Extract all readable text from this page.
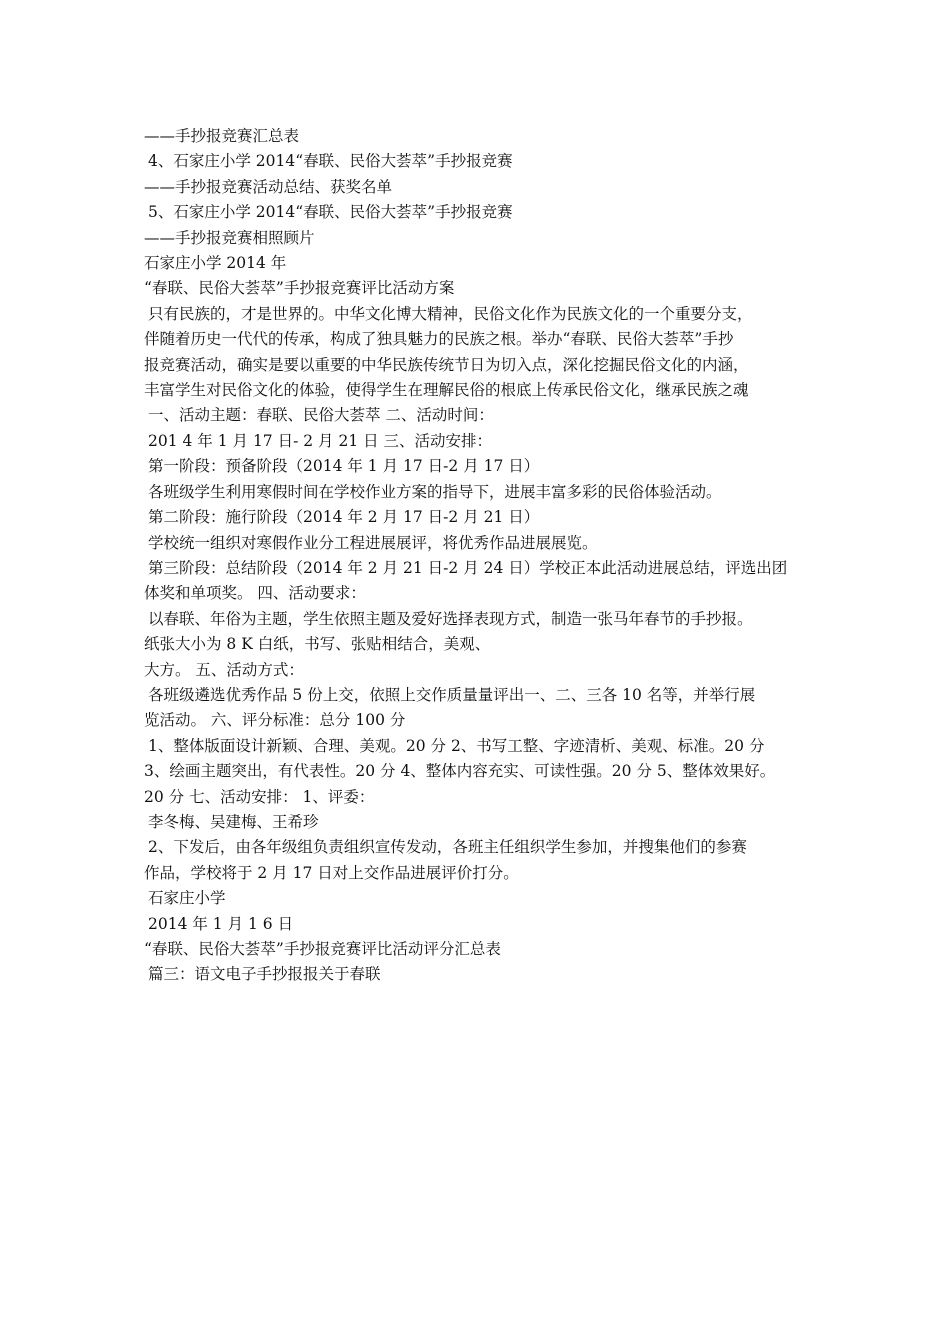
——手抄报竞赛汇总表
4、石家庄小学 2014“春联、民俗大荟萃”手抄报竞赛
——手抄报竞赛活动总结、获奖名单
5、石家庄小学 2014“春联、民俗大荟萃”手抄报竞赛
——手抄报竞赛相照顾片
石家庄小学 2014 年
“春联、民俗大荟萃”手抄报竞赛评比活动方案
只有民族的，才是世界的。中华文化博大精神，民俗文化作为民族文化的一个重要分支，
伴随着历史一代代的传承，构成了独具魅力的民族之根。举办“春联、民俗大荟萃”手抄
报竞赛活动，确实是要以重要的中华民族传统节日为切入点，深化挖掘民俗文化的内涵，
丰富学生对民俗文化的体验，使得学生在理解民俗的根底上传承民俗文化，继承民族之魂
一、活动主题：春联、民俗大荟萃 二、活动时间：
201 4 年 1 月 17 日- 2 月 21 日 三、活动安排：
第一阶段：预备阶段（2014 年 1 月 17 日-2 月 17 日）
各班级学生利用寒假时间在学校作业方案的指导下，进展丰富多彩的民俗体验活动。
第二阶段：施行阶段（2014 年 2 月 17 日-2 月 21 日）
学校统一组织对寒假作业分工程进展展评，将优秀作品进展展览。
第三阶段：总结阶段（2014 年 2 月 21 日-2 月 24 日）学校正本此活动进展总结，评选出团
体奖和单项奖。 四、活动要求：
以春联、年俗为主题，学生依照主题及爱好选择表现方式，制造一张马年春节的手抄报。
纸张大小为 8 K 白纸，书写、张贴相结合，美观、
大方。 五、活动方式：
各班级遴选优秀作品 5 份上交，依照上交作质量量评出一、二、三各 10 名等，并举行展
览活动。 六、评分标准：总分 100 分
1、整体版面设计新颖、合理、美观。20 分 2、书写工整、字迹清析、美观、标准。20 分
3、绘画主题突出，有代表性。20 分 4、整体内容充实、可读性强。20 分 5、整体效果好。
20 分 七、活动安排： 1、评委：
李冬梅、吴建梅、王希珍
2、下发后，由各年级组负责组织宣传发动，各班主任组织学生参加，并搜集他们的参赛
作品，学校将于 2 月 17 日对上交作品进展评价打分。
石家庄小学
2014 年 1 月 1 6 日
“春联、民俗大荟萃”手抄报竞赛评比活动评分汇总表
篇三：语文电子手抄报报关于春联
